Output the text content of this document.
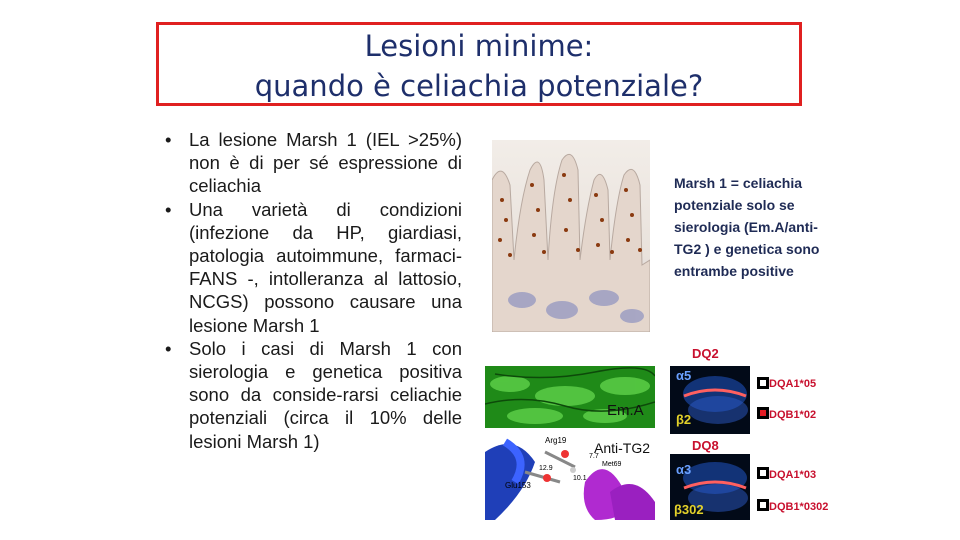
Lesioni minime:
quando è celiachia potenziale?
• La lesione Marsh 1 (IEL >25%) non è di per sé espressione di celiachia
• Una varietà di condizioni (infezione da HP, giardiasi, patologia autoimmune, farmaci- FANS -, intolleranza al lattosio, NCGS) possono causare una lesione Marsh 1
• Solo i casi di Marsh 1 con sierologia e genetica positiva sono da conside-rarsi celiachie potenziali (circa il 10% delle lesioni Marsh 1)
Em.A
Arg19
12.9
Glu153
7.7
Met69
10.1
Anti-TG2
Marsh 1 = celiachia potenziale solo se sierologia (Em.A/anti-TG2 ) e genetica sono entrambe positive
DQ2
α5
β2
DQA1*05
DQB1*02
DQ8
α3
β302
DQA1*03
DQB1*0302
